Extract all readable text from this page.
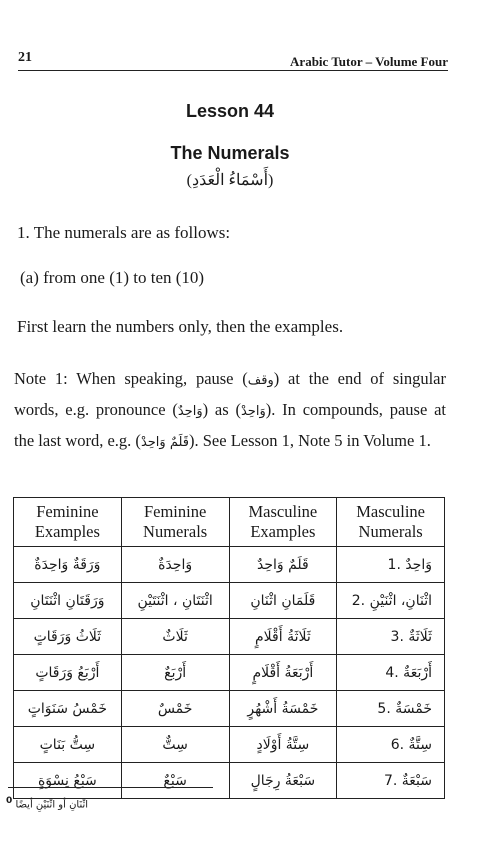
21	Arabic Tutor – Volume Four
Lesson 44
The Numerals
(أَسْمَاءُ الْعَدَدِ)
1. The numerals are as follows:
(a) from one (1) to ten (10)
First learn the numbers only, then the examples.
Note 1: When speaking, pause (وقف) at the end of singular words, e.g. pronounce (وَاحِدٌ) as (وَاحِدْ). In compounds, pause at the last word, e.g. (قَلَمٌ وَاحِدْ). See Lesson 1, Note 5 in Volume 1.
Feminine Examples	Feminine Numerals	Masculine Examples	Masculine Numerals
وَرَقَةٌ وَاحِدَةٌ	وَاحِدَةٌ	قَلَمٌ وَاحِدٌ	وَاحِدٌ .1
وَرَقَتَانِ اثْنَتَانِ	اثْنَتَانِ ، اثْنَتَيْنِ	قَلَمَانِ اثْنَانِ	اثْنَانِ، اثْنَيْنِ .2
ثَلَاثُ وَرَقَاتٍ	ثَلَاثٌ	ثَلَاثَةُ أَقْلَامٍ	ثَلَاثَةٌ .3
أَرْبَعُ وَرَقَاتٍ	أَرْبَعٌ	أَرْبَعَةُ أَقْلَامٍ	أَرْبَعَةٌ .4
خَمْسُ سَنَوَاتٍ	خَمْسٌ	خَمْسَةُ أَشْهُرٍ	خَمْسَةٌ .5
سِتُّ بَنَاتٍ	سِتٌّ	سِتَّةُ أَوْلَادٍ	سِتَّةٌ .6
سَبْعُ نِسْوَةٍ	سَبْعٌ	سَبْعَةُ رِجَالٍ	سَبْعَةٌ .7
0 اثْنَانِ أو اثْنَيْنِ أيضًا
